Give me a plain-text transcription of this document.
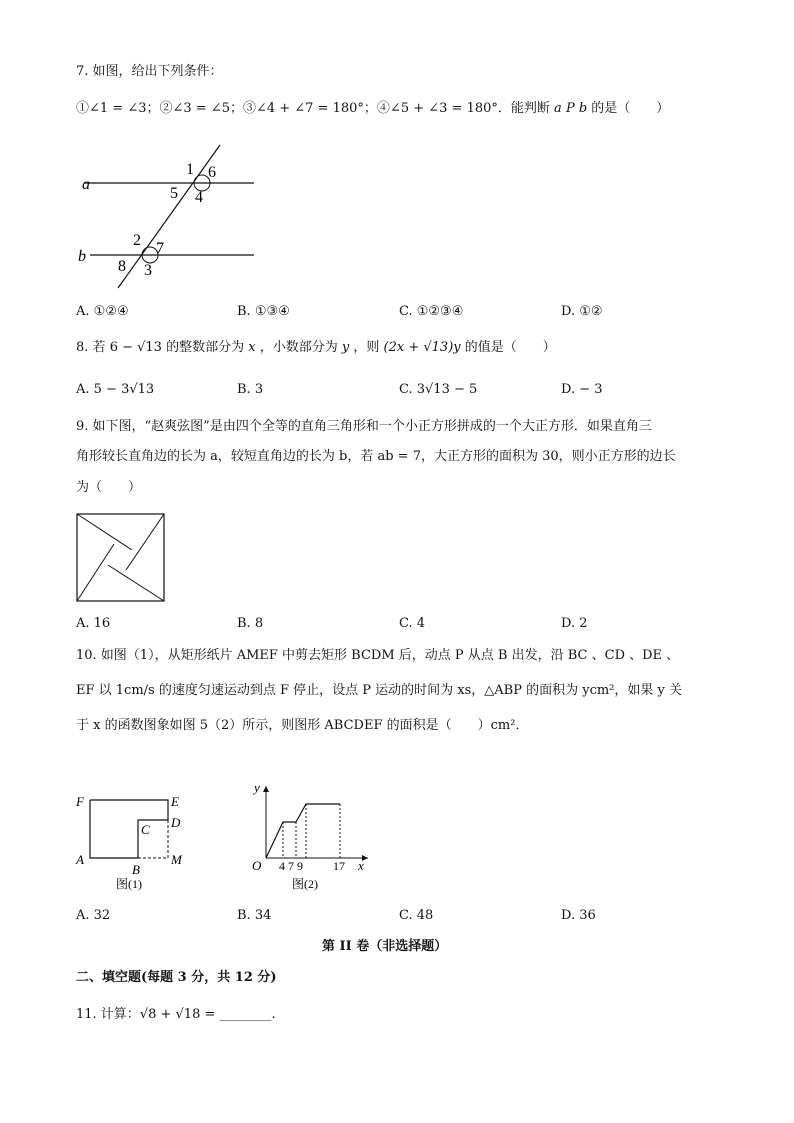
7. 如图，给出下列条件：
①∠1 = ∠3；②∠3 = ∠5；③∠4 + ∠7 = 180°；④∠5 + ∠3 = 180°．能判断 a P b 的是（　　）
a
b
1 6
5 4
2 7
8 3
A. ①②④	B. ①③④	C. ①②③④	D. ①②
8. 若 6 − √13 的整数部分为 x ，小数部分为 y ，则 (2x + √13)y 的值是（　　）
A. 5 − 3√13	B. 3	C. 3√13 − 5	D. − 3
9. 如下图，“赵爽弦图”是由四个全等的直角三角形和一个小正方形拼成的一个大正方形．如果直角三
角形较长直角边的长为 a，较短直角边的长为 b，若 ab = 7，大正方形的面积为 30，则小正方形的边长
为（　　）
A. 16	B. 8	C. 4	D. 2
10. 如图（1），从矩形纸片 AMEF 中剪去矩形 BCDM 后，动点 P 从点 B 出发，沿 BC 、CD 、DE 、
EF 以 1cm/s 的速度匀速运动到点 F 停止，设点 P 运动的时间为 xs，△ABP 的面积为 ycm²，如果 y 关
于 x 的函数图象如图 5（2）所示，则图形 ABCDEF 的面积是（　　）cm²．
F	E
D
C
A
B
M
图(1)
y
O 4 7 9	17 x
图(2)
A. 32	B. 34	C. 48	D. 36
第 II 卷（非选择题）
二、填空题(每题 3 分，共 12 分)
11. 计算：√8 + √18 = ________.
